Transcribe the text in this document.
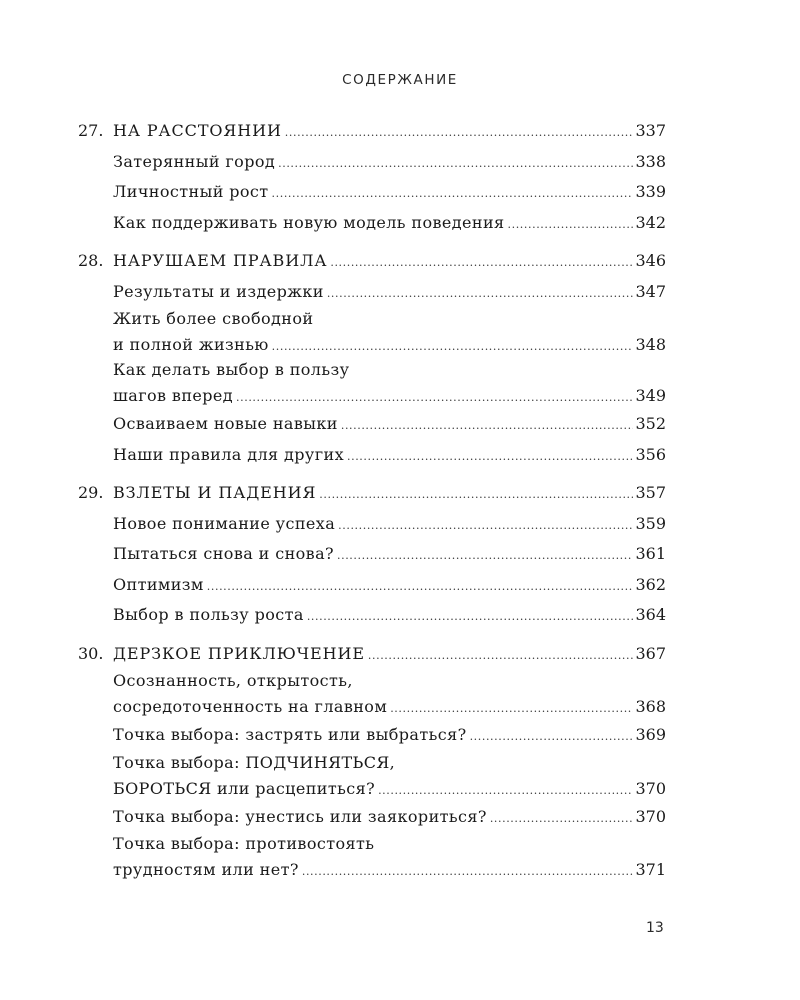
СОДЕРЖАНИЕ
27. НА РАССТОЯНИИ .....	337
Затерянный город .....	338
Личностный рост .....	339
Как поддерживать новую модель поведения .....	342
28. НАРУШАЕМ ПРАВИЛА .....	346
Результаты и издержки .....	347
Жить более свободной
и полной жизнью .....	348
Как делать выбор в пользу
шагов вперед .....	349
Осваиваем новые навыки .....	352
Наши правила для других .....	356
29. ВЗЛЕТЫ И ПАДЕНИЯ .....	357
Новое понимание успеха .....	359
Пытаться снова и снова? .....	361
Оптимизм .....	362
Выбор в пользу роста .....	364
30. ДЕРЗКОЕ ПРИКЛЮЧЕНИЕ .....	367
Осознанность, открытость,
сосредоточенность на главном .....	368
Точка выбора: застрять или выбраться? .....	369
Точка выбора: ПОДЧИНЯТЬСЯ,
БОРОТЬСЯ или расцепиться? .....	370
Точка выбора: унестись или заякориться? .....	370
Точка выбора: противостоять
трудностям или нет? .....	371
13
